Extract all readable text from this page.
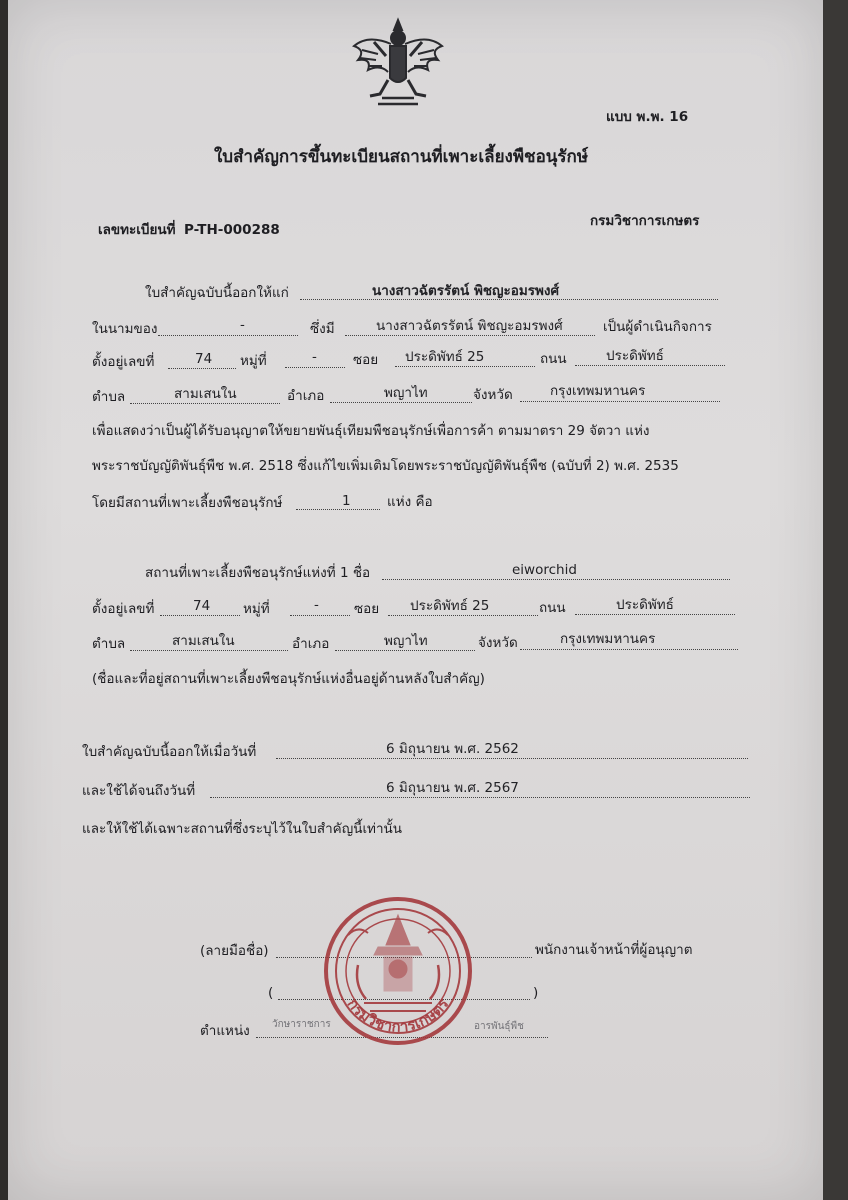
แบบ พ.พ. 16
ใบสำคัญการขึ้นทะเบียนสถานที่เพาะเลี้ยงพืชอนุรักษ์
กรมวิชาการเกษตร
เลขทะเบียนที่ P-TH-000288
ใบสำคัญฉบับนี้ออกให้แก่	นางสาวฉัตรรัตน์ พิชญะอมรพงศ์
ในนามของ	-	ซึ่งมี	นางสาวฉัตรรัตน์ พิชญะอมรพงศ์	เป็นผู้ดำเนินกิจการ
ตั้งอยู่เลขที่	74 หมู่ที่	-	ซอย ประดิพัทธ์ 25	ถนน	ประดิพัทธ์
ตำบล	สามเสนใน	อำเภอ	พญาไท	จังหวัด	กรุงเทพมหานคร
เพื่อแสดงว่าเป็นผู้ได้รับอนุญาตให้ขยายพันธุ์เทียมพืชอนุรักษ์เพื่อการค้า ตามมาตรา 29 จัตวา แห่ง
พระราชบัญญัติพันธุ์พืช พ.ศ. 2518 ซึ่งแก้ไขเพิ่มเติมโดยพระราชบัญญัติพันธุ์พืช (ฉบับที่ 2) พ.ศ. 2535
โดยมีสถานที่เพาะเลี้ยงพืชอนุรักษ์	1	แห่ง คือ
สถานที่เพาะเลี้ยงพืชอนุรักษ์แห่งที่ 1 ชื่อ	eiworchid
ตั้งอยู่เลขที่	74 หมู่ที่	-	ซอย ประดิพัทธ์ 25	ถนน	ประดิพัทธ์
ตำบล	สามเสนใน	อำเภอ	พญาไท	จังหวัด	กรุงเทพมหานคร
(ชื่อและที่อยู่สถานที่เพาะเลี้ยงพืชอนุรักษ์แห่งอื่นอยู่ด้านหลังใบสำคัญ)
ใบสำคัญฉบับนี้ออกให้เมื่อวันที่	6 มิถุนายน พ.ศ. 2562
และใช้ได้จนถึงวันที่	6 มิถุนายน พ.ศ. 2567
และให้ใช้ได้เฉพาะสถานที่ซึ่งระบุไว้ในใบสำคัญนี้เท่านั้น
(ลายมือชื่อ)	พนักงานเจ้าหน้าที่ผู้อนุญาต
(	)
ตำแหน่ง วักษาราชการ	อารพันธุ์พืช
กรมวิชาการเกษตร
